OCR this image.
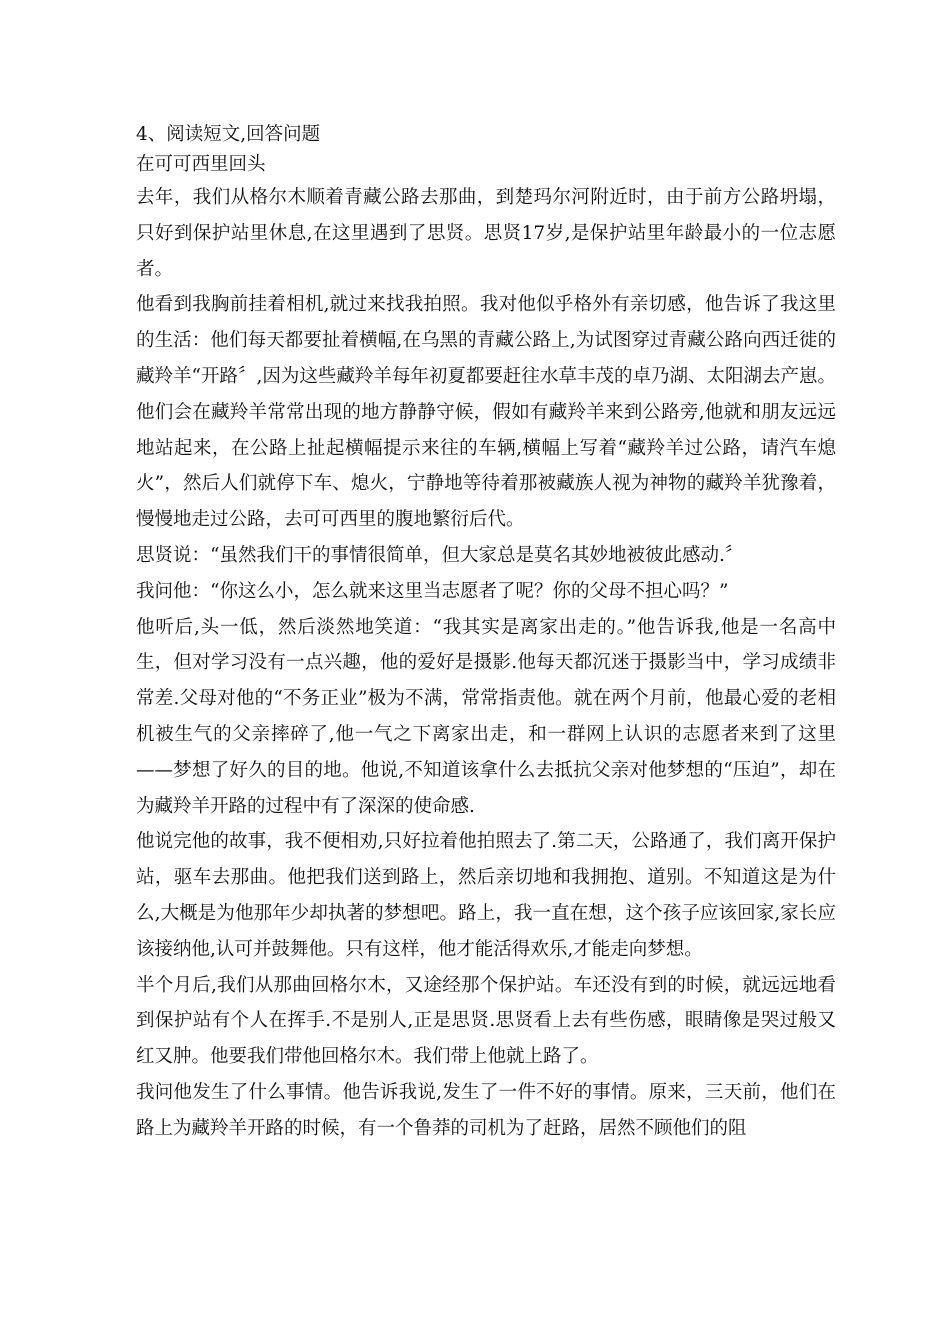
4、阅读短文,回答问题
在可可西里回头

去年，我们从格尔木顺着青藏公路去那曲，到楚玛尔河附近时，由于前方公路坍塌，只好到保护站里休息,在这里遇到了思贤。思贤17岁,是保护站里年龄最小的一位志愿者。

他看到我胸前挂着相机,就过来找我拍照。我对他似乎格外有亲切感，他告诉了我这里的生活：他们每天都要扯着横幅,在乌黑的青藏公路上,为试图穿过青藏公路向西迁徙的藏羚羊“开路〞,因为这些藏羚羊每年初夏都要赶往水草丰茂的卓乃湖、太阳湖去产崽。他们会在藏羚羊常常出现的地方静静守候，假如有藏羚羊来到公路旁,他就和朋友远远地站起来，在公路上扯起横幅提示来往的车辆,横幅上写着“藏羚羊过公路，请汽车熄火”，然后人们就停下车、熄火，宁静地等待着那被藏族人视为神物的藏羚羊犹豫着，慢慢地走过公路，去可可西里的腹地繁衍后代。

思贤说：“虽然我们干的事情很简单，但大家总是莫名其妙地被彼此感动.〞

我问他：“你这么小，怎么就来这里当志愿者了呢？你的父母不担心吗？”

他听后,头一低，然后淡然地笑道：“我其实是离家出走的。”他告诉我,他是一名高中生，但对学习没有一点兴趣，他的爱好是摄影.他每天都沉迷于摄影当中，学习成绩非常差.父母对他的“不务正业”极为不满，常常指责他。就在两个月前，他最心爱的老相机被生气的父亲摔碎了,他一气之下离家出走，和一群网上认识的志愿者来到了这里——梦想了好久的目的地。他说,不知道该拿什么去抵抗父亲对他梦想的“压迫”，却在为藏羚羊开路的过程中有了深深的使命感.

他说完他的故事，我不便相劝,只好拉着他拍照去了.第二天，公路通了，我们离开保护站，驱车去那曲。他把我们送到路上，然后亲切地和我拥抱、道别。不知道这是为什么,大概是为他那年少却执著的梦想吧。路上，我一直在想，这个孩子应该回家,家长应该接纳他,认可并鼓舞他。只有这样，他才能活得欢乐,才能走向梦想。

半个月后,我们从那曲回格尔木，又途经那个保护站。车还没有到的时候，就远远地看到保护站有个人在挥手.不是别人,正是思贤.思贤看上去有些伤感，眼睛像是哭过般又红又肿。他要我们带他回格尔木。我们带上他就上路了。

我问他发生了什么事情。他告诉我说,发生了一件不好的事情。原来，三天前，他们在路上为藏羚羊开路的时候，有一个鲁莽的司机为了赶路，居然不顾他们的阻
